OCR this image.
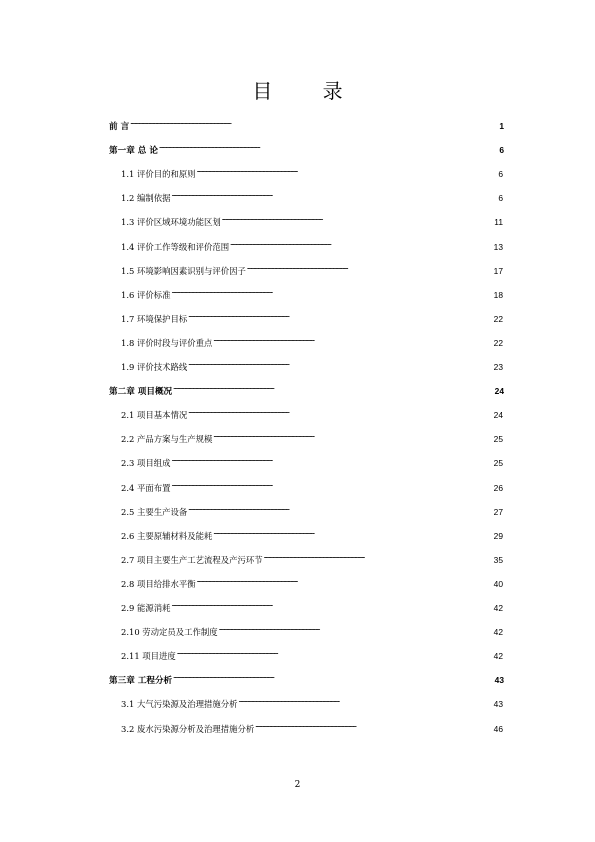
目 录
前 言 . . .	1
第一章 总 论 . . .	6
1.1 评价目的和原则 . . .	6
1.2 编制依据 . . .	6
1.3 评价区域环境功能区划 . . .	11
1.4 评价工作等级和评价范围 . . .	13
1.5 环境影响因素识别与评价因子 . . .	17
1.6 评价标准 . . .	18
1.7 环境保护目标 . . .	22
1.8 评价时段与评价重点 . . .	22
1.9 评价技术路线 . . .	23
第二章 项目概况 . . .	24
2.1 项目基本情况 . . .	24
2.2 产品方案与生产规模 . . .	25
2.3 项目组成 . . .	25
2.4 平面布置 . . .	26
2.5 主要生产设备 . . .	27
2.6 主要原辅材料及能耗 . . .	29
2.7 项目主要生产工艺流程及产污环节 . . .	35
2.8 项目给排水平衡 . . .	40
2.9 能源消耗 . . .	42
2.10 劳动定员及工作制度 . . .	42
2.11 项目进度 . . .	42
第三章 工程分析 . . .	43
3.1 大气污染源及治理措施分析 . . .	43
3.2 废水污染源分析及治理措施分析 . . .	46
2
